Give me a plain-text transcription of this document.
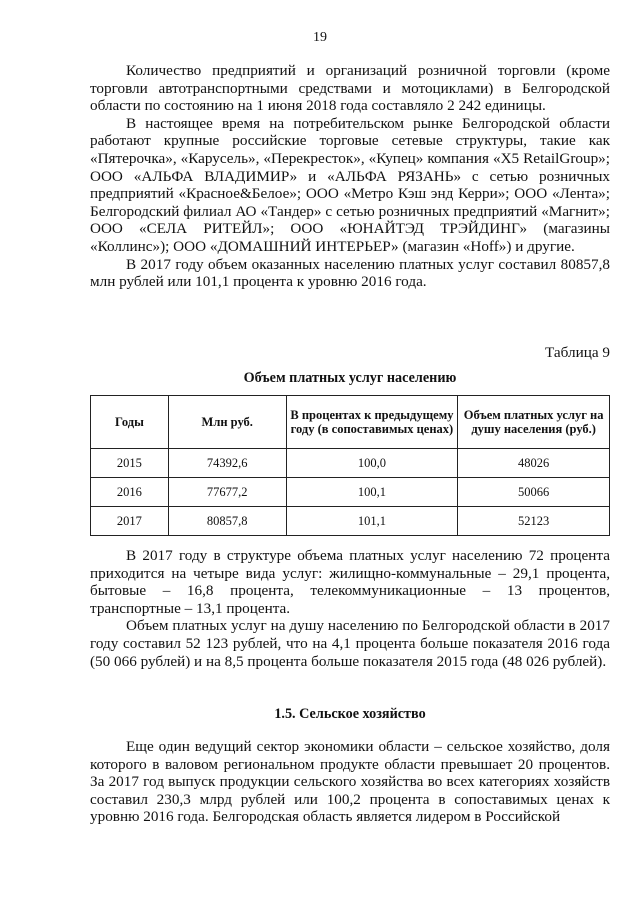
19

Количество предприятий и организаций розничной торговли (кроме торговли автотранспортными средствами и мотоциклами) в Белгородской области по состоянию на 1 июня 2018 года составляло 2 242 единицы.

В настоящее время на потребительском рынке Белгородской области работают крупные российские торговые сетевые структуры, такие как «Пятерочка», «Карусель», «Перекресток», «Купец» компания «X5 RetailGroup»; ООО «АЛЬФА ВЛАДИМИР» и «АЛЬФА РЯЗАНЬ» с сетью розничных предприятий «Красное&Белое»; ООО «Метро Кэш энд Керри»; ООО «Лента»; Белгородский филиал АО «Тандер» с сетью розничных предприятий «Магнит»; ООО «СЕЛА РИТЕЙЛ»; ООО «ЮНАЙТЭД ТРЭЙДИНГ» (магазины «Коллинс»); ООО «ДОМАШНИЙ ИНТЕРЬЕР» (магазин «Hoff») и другие.

В 2017 году объем оказанных населению платных услуг составил 80857,8 млн рублей или 101,1 процента к уровню 2016 года.

Таблица 9
Объем платных услуг населению
Годы	Млн руб.	В процентах к предыдущему году (в сопоставимых ценах)	Объем платных услуг на душу населения (руб.)
2015	74392,6	100,0	48026
2016	77677,2	100,1	50066
2017	80857,8	101,1	52123

В 2017 году в структуре объема платных услуг населению 72 процента приходится на четыре вида услуг: жилищно-коммунальные – 29,1 процента, бытовые – 16,8 процента, телекоммуникационные – 13 процентов, транспортные – 13,1 процента.

Объем платных услуг на душу населению по Белгородской области в 2017 году составил 52 123 рублей, что на 4,1 процента больше показателя 2016 года (50 066 рублей) и на 8,5 процента больше показателя 2015 года (48 026 рублей).

1.5. Сельское хозяйство

Еще один ведущий сектор экономики области – сельское хозяйство, доля которого в валовом региональном продукте области превышает 20 процентов. За 2017 год выпуск продукции сельского хозяйства во всех категориях хозяйств составил 230,3 млрд рублей или 100,2 процента в сопоставимых ценах к уровню 2016 года. Белгородская область является лидером в Российской
